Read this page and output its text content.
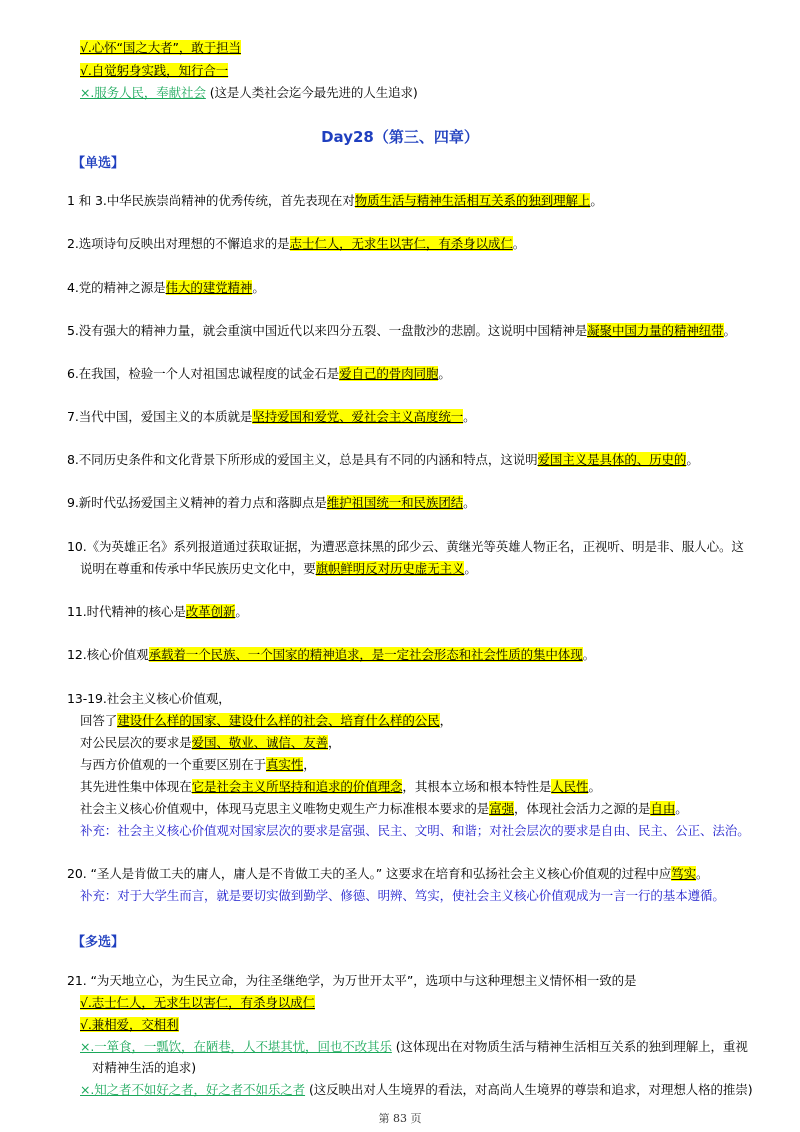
√.心怀“国之大者”，敢于担当
√.自觉躬身实践，知行合一
×.服务人民，奉献社会 (这是人类社会迄今最先进的人生追求)
Day28（第三、四章）
【单选】
1 和 3.中华民族崇尚精神的优秀传统，首先表现在对物质生活与精神生活相互关系的独到理解上。
2.选项诗句反映出对理想的不懈追求的是志士仁人，无求生以害仁，有杀身以成仁。
4.党的精神之源是伟大的建党精神。
5.没有强大的精神力量，就会重演中国近代以来四分五裂、一盘散沙的悲剧。这说明中国精神是凝聚中国力量的精神纽带。
6.在我国，检验一个人对祖国忠诚程度的试金石是爱自己的骨肉同胞。
7.当代中国，爱国主义的本质就是坚持爱国和爱党、爱社会主义高度统一。
8.不同历史条件和文化背景下所形成的爱国主义，总是具有不同的内涵和特点，这说明爱国主义是具体的、历史的。
9.新时代弘扬爱国主义精神的着力点和落脚点是维护祖国统一和民族团结。
10.《为英雄正名》系列报道通过获取证据，为遭恶意抹黑的邱少云、黄继光等英雄人物正名，正视听、明是非、服人心。这
说明在尊重和传承中华民族历史文化中，要旗帜鲜明反对历史虚无主义。
11.时代精神的核心是改革创新。
12.核心价值观承载着一个民族、一个国家的精神追求，是一定社会形态和社会性质的集中体现。
13-19.社会主义核心价值观，
回答了建设什么样的国家、建设什么样的社会、培育什么样的公民，
对公民层次的要求是爱国、敬业、诚信、友善，
与西方价值观的一个重要区别在于真实性，
其先进性集中体现在它是社会主义所坚持和追求的价值理念，其根本立场和根本特性是人民性。
社会主义核心价值观中，体现马克思主义唯物史观生产力标准根本要求的是富强，体现社会活力之源的是自由。
补充：社会主义核心价值观对国家层次的要求是富强、民主、文明、和谐；对社会层次的要求是自由、民主、公正、法治。
20. “圣人是肯做工夫的庸人，庸人是不肯做工夫的圣人。” 这要求在培育和弘扬社会主义核心价值观的过程中应笃实。
补充：对于大学生而言，就是要切实做到勤学、修德、明辨、笃实，使社会主义核心价值观成为一言一行的基本遵循。
【多选】
21. “为天地立心，为生民立命，为往圣继绝学，为万世开太平”，选项中与这种理想主义情怀相一致的是
√.志士仁人，无求生以害仁，有杀身以成仁
√.兼相爱，交相利
×.一箪食，一瓢饮，在陋巷，人不堪其忧，回也不改其乐 (这体现出在对物质生活与精神生活相互关系的独到理解上，重视
对精神生活的追求)
×.知之者不如好之者，好之者不如乐之者 (这反映出对人生境界的看法，对高尚人生境界的尊崇和追求，对理想人格的推崇)
第 83 页
